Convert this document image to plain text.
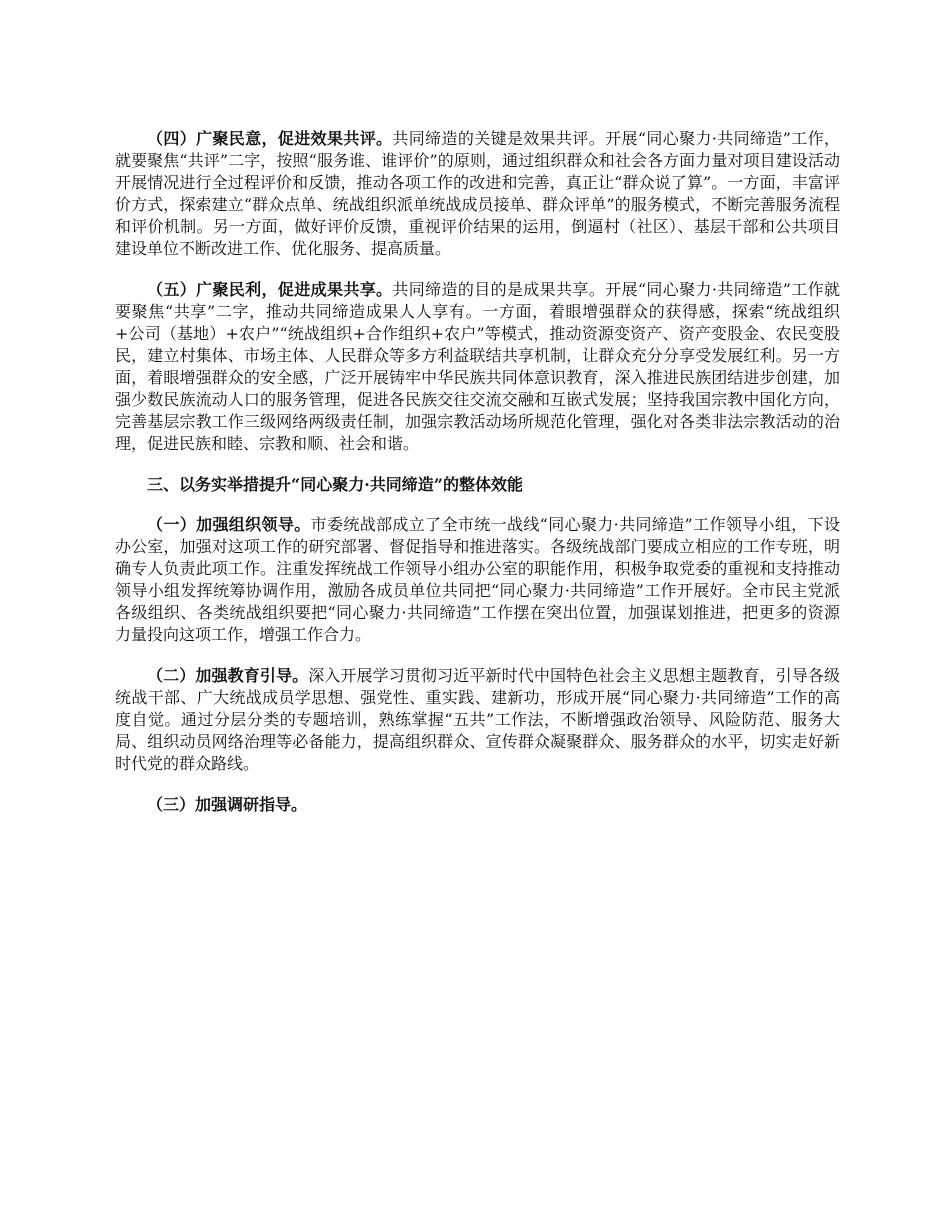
（四）广聚民意，促进效果共评。共同缔造的关键是效果共评。开展“同心聚力·共同缔造”工作，就要聚焦“共评”二字，按照“服务谁、谁评价”的原则，通过组织群众和社会各方面力量对项目建设活动开展情况进行全过程评价和反馈，推动各项工作的改进和完善，真正让“群众说了算”。一方面，丰富评价方式，探索建立“群众点单、统战组织派单统战成员接单、群众评单”的服务模式，不断完善服务流程和评价机制。另一方面，做好评价反馈，重视评价结果的运用，倒逼村（社区）、基层干部和公共项目建设单位不断改进工作、优化服务、提高质量。

（五）广聚民利，促进成果共享。共同缔造的目的是成果共享。开展“同心聚力·共同缔造”工作就要聚焦“共享”二字，推动共同缔造成果人人享有。一方面，着眼增强群众的获得感，探索“统战组织+公司（基地）+农户”“统战组织+合作组织+农户”等模式，推动资源变资产、资产变股金、农民变股民，建立村集体、市场主体、人民群众等多方利益联结共享机制，让群众充分分享受发展红利。另一方面，着眼增强群众的安全感，广泛开展铸牢中华民族共同体意识教育，深入推进民族团结进步创建，加强少数民族流动人口的服务管理，促进各民族交往交流交融和互嵌式发展；坚持我国宗教中国化方向，完善基层宗教工作三级网络两级责任制，加强宗教活动场所规范化管理，强化对各类非法宗教活动的治理，促进民族和睦、宗教和顺、社会和谐。

三、以务实举措提升“同心聚力·共同缔造”的整体效能

（一）加强组织领导。市委统战部成立了全市统一战线“同心聚力·共同缔造”工作领导小组，下设办公室，加强对这项工作的研究部署、督促指导和推进落实。各级统战部门要成立相应的工作专班，明确专人负责此项工作。注重发挥统战工作领导小组办公室的职能作用，积极争取党委的重视和支持推动领导小组发挥统筹协调作用，激励各成员单位共同把“同心聚力·共同缔造”工作开展好。全市民主党派各级组织、各类统战组织要把“同心聚力·共同缔造”工作摆在突出位置，加强谋划推进，把更多的资源力量投向这项工作，增强工作合力。

（二）加强教育引导。深入开展学习贯彻习近平新时代中国特色社会主义思想主题教育，引导各级统战干部、广大统战成员学思想、强党性、重实践、建新功，形成开展“同心聚力·共同缔造”工作的高度自觉。通过分层分类的专题培训，熟练掌握“五共”工作法，不断增强政治领导、风险防范、服务大局、组织动员网络治理等必备能力，提高组织群众、宣传群众凝聚群众、服务群众的水平，切实走好新时代党的群众路线。

（三）加强调研指导。
